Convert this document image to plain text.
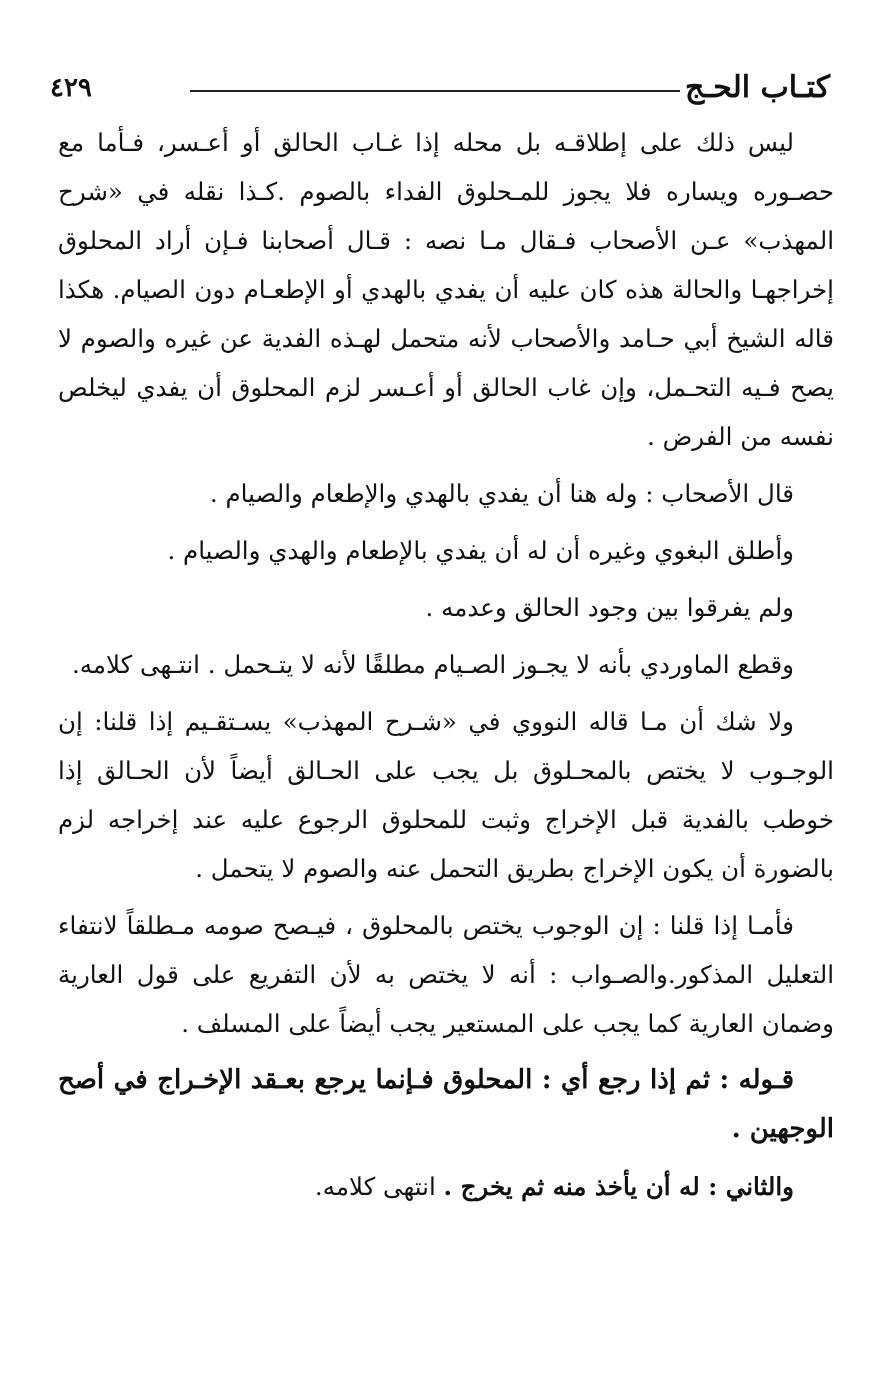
كتـاب الحـج
٤٢٩

ليس ذلك على إطلاقـه بل محله إذا غـاب الحالق أو أعـسر، فـأما مع حصـوره ويساره فلا يجوز للمـحلوق الفداء بالصوم .كـذا نقله في «شرح المهذب» عـن الأصحاب فـقال مـا نصه : قـال أصحابنا فـإن أراد المحلوق إخراجهـا والحالة هذه كان عليه أن يفدي بالهدي أو الإطعـام دون الصيام. هكذا قاله الشيخ أبي حـامد والأصحاب لأنه متحمل لهـذه الفدية عن غيره والصوم لا يصح فـيه التحـمل، وإن غاب الحالق أو أعـسر لزم المحلوق أن يفدي ليخلص نفسه من الفرض .

قال الأصحاب : وله هنا أن يفدي بالهدي والإطعام والصيام .

وأطلق البغوي وغيره أن له أن يفدي بالإطعام والهدي والصيام .

ولم يفرقوا بين وجود الحالق وعدمه .

وقطع الماوردي بأنه لا يجـوز الصـيام مطلقًا لأنه لا يتـحمل . انتـهى كلامه.

ولا شك أن مـا قاله النووي في «شـرح المهذب» يسـتقـيم إذا قلنا: إن الوجـوب لا يختص بالمحـلوق بل يجب على الحـالق أيضاً لأن الحـالق إذا خوطب بالفدية قبل الإخراج وثبت للمحلوق الرجوع عليه عند إخراجه لزم بالضورة أن يكون الإخراج بطريق التحمل عنه والصوم لا يتحمل .

فأمـا إذا قلنا : إن الوجوب يختص بالمحلوق ، فيـصح صومه مـطلقاً لانتفاء التعليل المذكور.والصـواب : أنه لا يختص به لأن التفريع على قول العارية وضمان العارية كما يجب على المستعير يجب أيضاً على المسلف .

قـوله : ثم إذا رجع أي : المحلوق فـإنما يرجع بعـقد الإخـراج في أصح الوجهين .

والثاني : له أن يأخذ منه ثم يخرج . انتهى كلامه.
